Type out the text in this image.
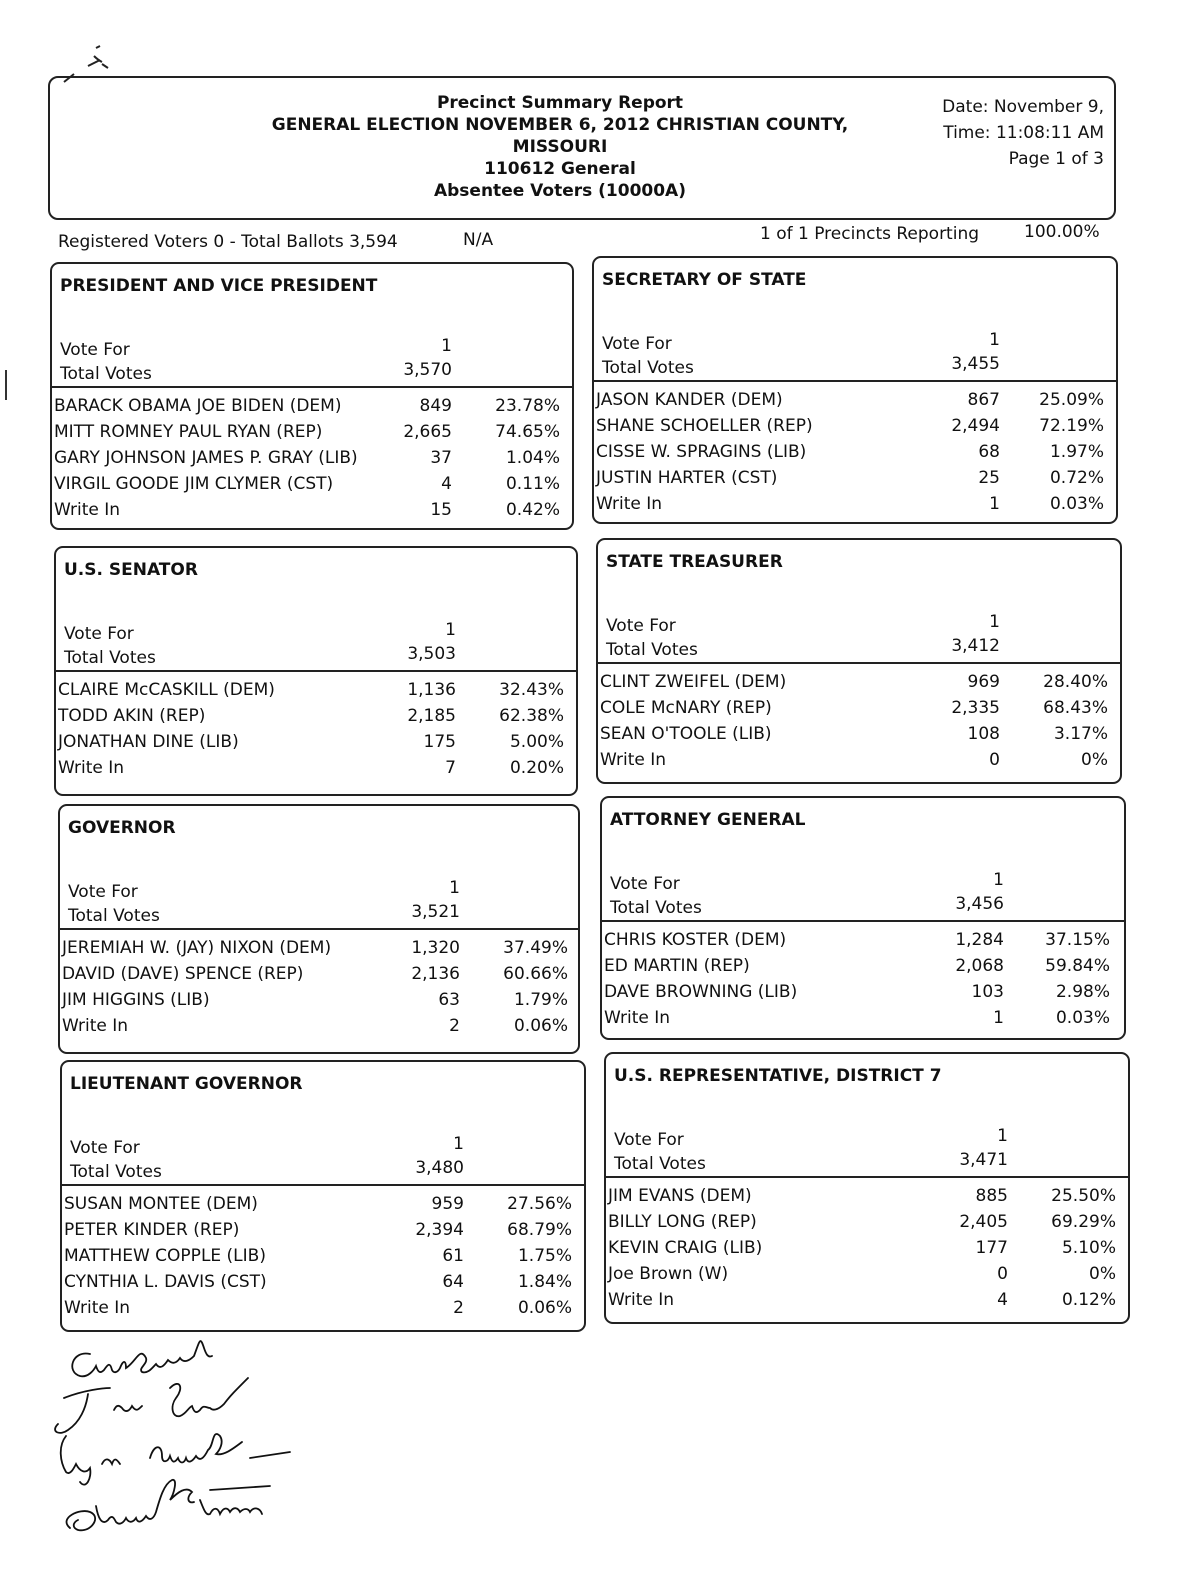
Precinct Summary Report
GENERAL ELECTION NOVEMBER 6, 2012 CHRISTIAN COUNTY,
MISSOURI
110612 General
Absentee Voters (10000A)
Date: November 9,
Time: 11:08:11 AM
Page 1 of 3
Registered Voters 0 - Total Ballots 3,594	N/A	1 of 1 Precincts Reporting	100.00%
PRESIDENT AND VICE PRESIDENT
Vote For
Total Votes
1
3,570
BARACK OBAMA JOE BIDEN (DEM)	849	23.78%
MITT ROMNEY PAUL RYAN (REP)	2,665	74.65%
GARY JOHNSON JAMES P. GRAY (LIB)	37	1.04%
VIRGIL GOODE JIM CLYMER (CST)	4	0.11%
Write In	15	0.42%
SECRETARY OF STATE
Vote For
Total Votes
1
3,455
JASON KANDER (DEM)	867	25.09%
SHANE SCHOELLER (REP)	2,494	72.19%
CISSE W. SPRAGINS (LIB)	68	1.97%
JUSTIN HARTER (CST)	25	0.72%
Write In	1	0.03%
U.S. SENATOR
Vote For
Total Votes
1
3,503
CLAIRE McCASKILL (DEM)	1,136	32.43%
TODD AKIN (REP)	2,185	62.38%
JONATHAN DINE (LIB)	175	5.00%
Write In	7	0.20%
STATE TREASURER
Vote For
Total Votes
1
3,412
CLINT ZWEIFEL (DEM)	969	28.40%
COLE McNARY (REP)	2,335	68.43%
SEAN O'TOOLE (LIB)	108	3.17%
Write In	0	0%
GOVERNOR
Vote For
Total Votes
1
3,521
JEREMIAH W. (JAY) NIXON (DEM)	1,320	37.49%
DAVID (DAVE) SPENCE (REP)	2,136	60.66%
JIM HIGGINS (LIB)	63	1.79%
Write In	2	0.06%
ATTORNEY GENERAL
Vote For
Total Votes
1
3,456
CHRIS KOSTER (DEM)	1,284	37.15%
ED MARTIN (REP)	2,068	59.84%
DAVE BROWNING (LIB)	103	2.98%
Write In	1	0.03%
LIEUTENANT GOVERNOR
Vote For
Total Votes
1
3,480
SUSAN MONTEE (DEM)	959	27.56%
PETER KINDER (REP)	2,394	68.79%
MATTHEW COPPLE (LIB)	61	1.75%
CYNTHIA L. DAVIS (CST)	64	1.84%
Write In	2	0.06%
U.S. REPRESENTATIVE, DISTRICT 7
Vote For
Total Votes
1
3,471
JIM EVANS (DEM)	885	25.50%
BILLY LONG (REP)	2,405	69.29%
KEVIN CRAIG (LIB)	177	5.10%
Joe Brown (W)	0	0%
Write In	4	0.12%
